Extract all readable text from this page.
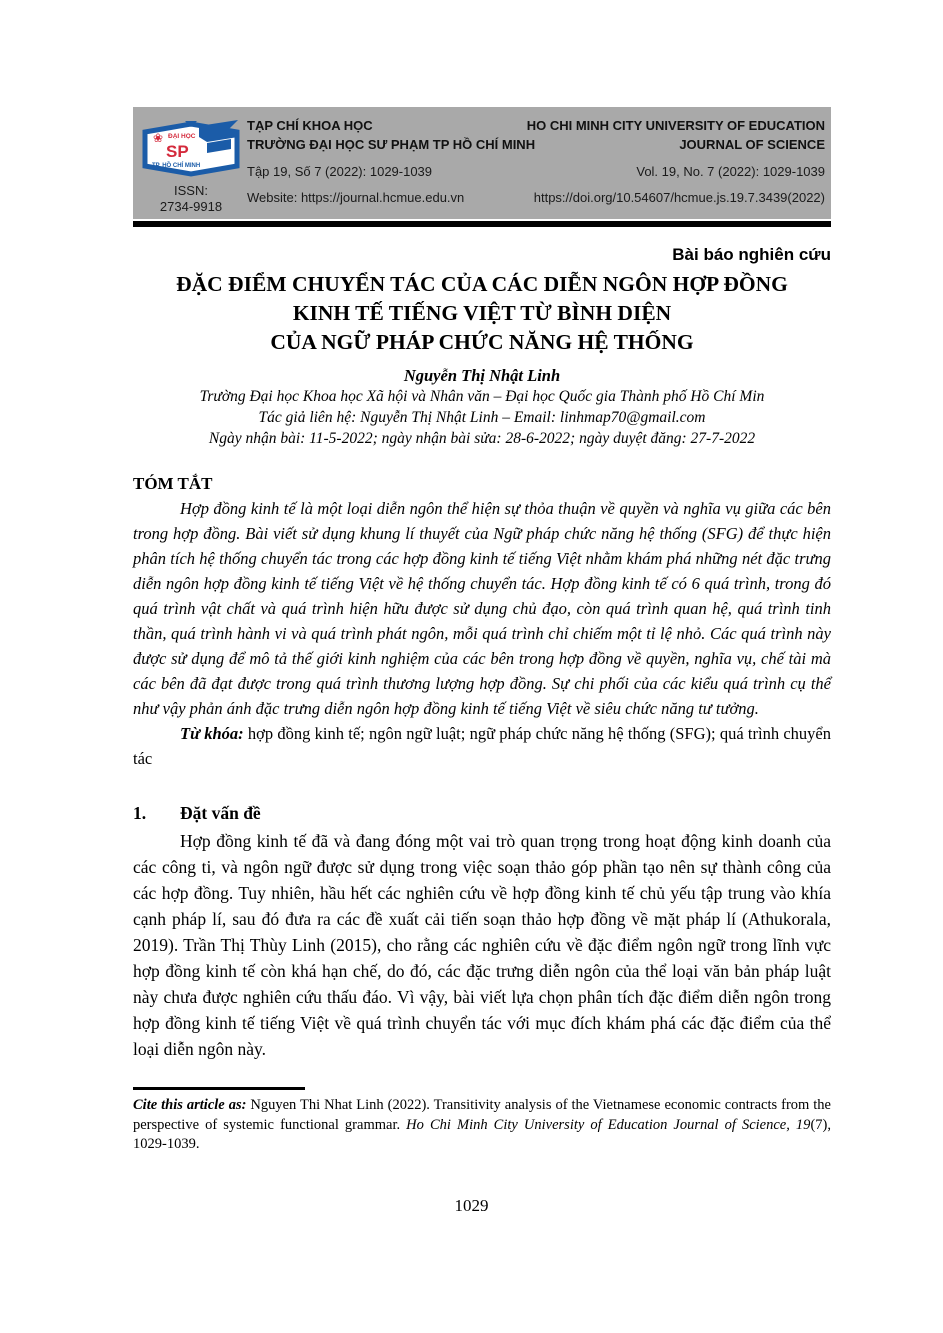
❀ ĐẠI HỌC
SP
TP. HỒ CHÍ MINH
ISSN:
2734-9918
TẠP CHÍ KHOA HỌC	HO CHI MINH CITY UNIVERSITY OF EDUCATION
TRƯỜNG ĐẠI HỌC SƯ PHẠM TP HỒ CHÍ MINH	JOURNAL OF SCIENCE
Tập 19, Số 7 (2022): 1029-1039	Vol. 19, No. 7 (2022): 1029-1039
Website: https://journal.hcmue.edu.vn	https://doi.org/10.54607/hcmue.js.19.7.3439(2022)
Bài báo nghiên cứu
ĐẶC ĐIỂM CHUYỂN TÁC CỦA CÁC DIỄN NGÔN HỢP ĐỒNG
KINH TẾ TIẾNG VIỆT TỪ BÌNH DIỆN
CỦA NGỮ PHÁP CHỨC NĂNG HỆ THỐNG
Nguyễn Thị Nhật Linh
Trường Đại học Khoa học Xã hội và Nhân văn – Đại học Quốc gia Thành phố Hồ Chí Min
Tác giả liên hệ: Nguyễn Thị Nhật Linh – Email: linhmap70@gmail.com
Ngày nhận bài: 11-5-2022; ngày nhận bài sửa: 28-6-2022; ngày duyệt đăng: 27-7-2022
TÓM TẮT

Hợp đồng kinh tế là một loại diễn ngôn thể hiện sự thỏa thuận về quyền và nghĩa vụ giữa các bên trong hợp đồng. Bài viết sử dụng khung lí thuyết của Ngữ pháp chức năng hệ thống (SFG) để thực hiện phân tích hệ thống chuyển tác trong các hợp đồng kinh tế tiếng Việt nhằm khám phá những nét đặc trưng diễn ngôn hợp đồng kinh tế tiếng Việt về hệ thống chuyển tác. Hợp đồng kinh tế có 6 quá trình, trong đó quá trình vật chất và quá trình hiện hữu được sử dụng chủ đạo, còn quá trình quan hệ, quá trình tinh thần, quá trình hành vi và quá trình phát ngôn, mỗi quá trình chỉ chiếm một tỉ lệ nhỏ. Các quá trình này được sử dụng để mô tả thế giới kinh nghiệm của các bên trong hợp đồng về quyền, nghĩa vụ, chế tài mà các bên đã đạt được trong quá trình thương lượng hợp đồng. Sự chi phối của các kiểu quá trình cụ thể như vậy phản ánh đặc trưng diễn ngôn hợp đồng kinh tế tiếng Việt về siêu chức năng tư tưởng.

Từ khóa: hợp đồng kinh tế; ngôn ngữ luật; ngữ pháp chức năng hệ thống (SFG); quá trình chuyển tác

1.	Đặt vấn đề

Hợp đồng kinh tế đã và đang đóng một vai trò quan trọng trong hoạt động kinh doanh của các công ti, và ngôn ngữ được sử dụng trong việc soạn thảo góp phần tạo nên sự thành công của các hợp đồng. Tuy nhiên, hầu hết các nghiên cứu về hợp đồng kinh tế chủ yếu tập trung vào khía cạnh pháp lí, sau đó đưa ra các đề xuất cải tiến soạn thảo hợp đồng về mặt pháp lí (Athukorala, 2019). Trần Thị Thùy Linh (2015), cho rằng các nghiên cứu về đặc điểm ngôn ngữ trong lĩnh vực hợp đồng kinh tế còn khá hạn chế, do đó, các đặc trưng diễn ngôn của thể loại văn bản pháp luật này chưa được nghiên cứu thấu đáo. Vì vậy, bài viết lựa chọn phân tích đặc điểm diễn ngôn trong hợp đồng kinh tế tiếng Việt về quá trình chuyển tác với mục đích khám phá các đặc điểm của thể loại diễn ngôn này.

Cite this article as: Nguyen Thi Nhat Linh (2022). Transitivity analysis of the Vietnamese economic contracts from the perspective of systemic functional grammar. Ho Chi Minh City University of Education Journal of Science, 19(7), 1029-1039.

1029
